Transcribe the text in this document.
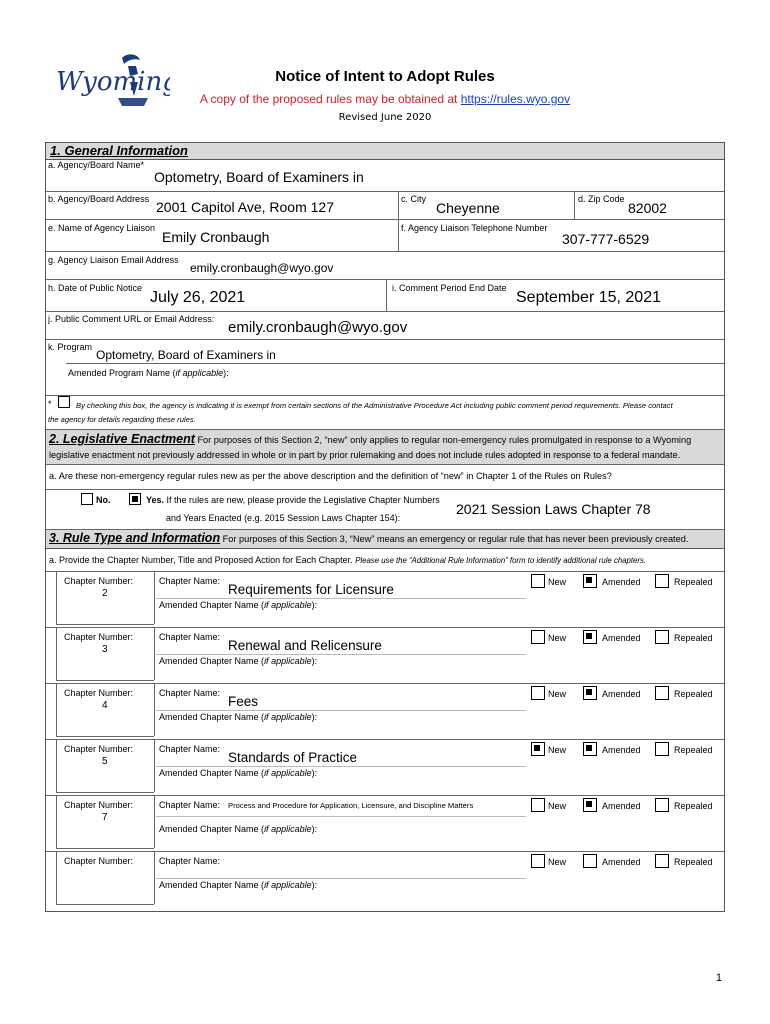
Wyoming	Notice of Intent to Adopt Rules
A copy of the proposed rules may be obtained at https://rules.wyo.gov
Revised June 2020
1. General Information
a. Agency/Board Name*
Optometry, Board of Examiners in
b. Agency/Board Address 2001 Capitol Ave, Room 127	c. City
Cheyenne
d. Zip Code
82002
e. Name of Agency Liaison
Emily Cronbaugh
f. Agency Liaison Telephone Number
307-777-6529
g. Agency Liaison Email Address
emily.cronbaugh@wyo.gov
h. Date of Public Notice
July 26, 2021
i. Comment Period End Date
September 15, 2021
j. Public Comment URL or Email Address: emily.cronbaugh@wyo.gov
k. Program
Optometry, Board of Examiners in
Amended Program Name (if applicable):
*	By checking this box, the agency is indicating it is exempt from certain sections of the Administrative Procedure Act including public comment period requirements. Please contact
the agency for details regarding these rules.
2. Legislative Enactment For purposes of this Section 2, “new” only applies to regular non-emergency rules promulgated in response to a Wyoming
legislative enactment not previously addressed in whole or in part by prior rulemaking and does not include rules adopted in response to a federal mandate.
a. Are these non-emergency regular rules new as per the above description and the definition of “new” in Chapter 1 of the Rules on Rules?
No.	Yes. If the rules are new, please provide the Legislative Chapter Numbers
and Years Enacted (e.g. 2015 Session Laws Chapter 154):
2021 Session Laws Chapter 78
3. Rule Type and Information For purposes of this Section 3, “New” means an emergency or regular rule that has never been previously created.
a. Provide the Chapter Number, Title and Proposed Action for Each Chapter. Please use the “Additional Rule Information” form to identify additional rule chapters.
Chapter Number:
2
Chapter Name:
Requirements for Licensure
Amended Chapter Name (if applicable):
New	Amended	Repealed
Chapter Number:
3
Chapter Name:
Renewal and Relicensure
Amended Chapter Name (if applicable):
New	Amended	Repealed
Chapter Number:
4
Chapter Name:
Fees
Amended Chapter Name (if applicable):
New	Amended	Repealed
Chapter Number:
5
Chapter Name:
Standards of Practice
Amended Chapter Name (if applicable):
New	Amended	Repealed
Chapter Number:
7
Chapter Name: Process and Procedure for Application, Licensure, and Discipline Matters
Amended Chapter Name (if applicable):
New	Amended	Repealed
Chapter Number:	Chapter Name:
Amended Chapter Name (if applicable):
New	Amended	Repealed
1
